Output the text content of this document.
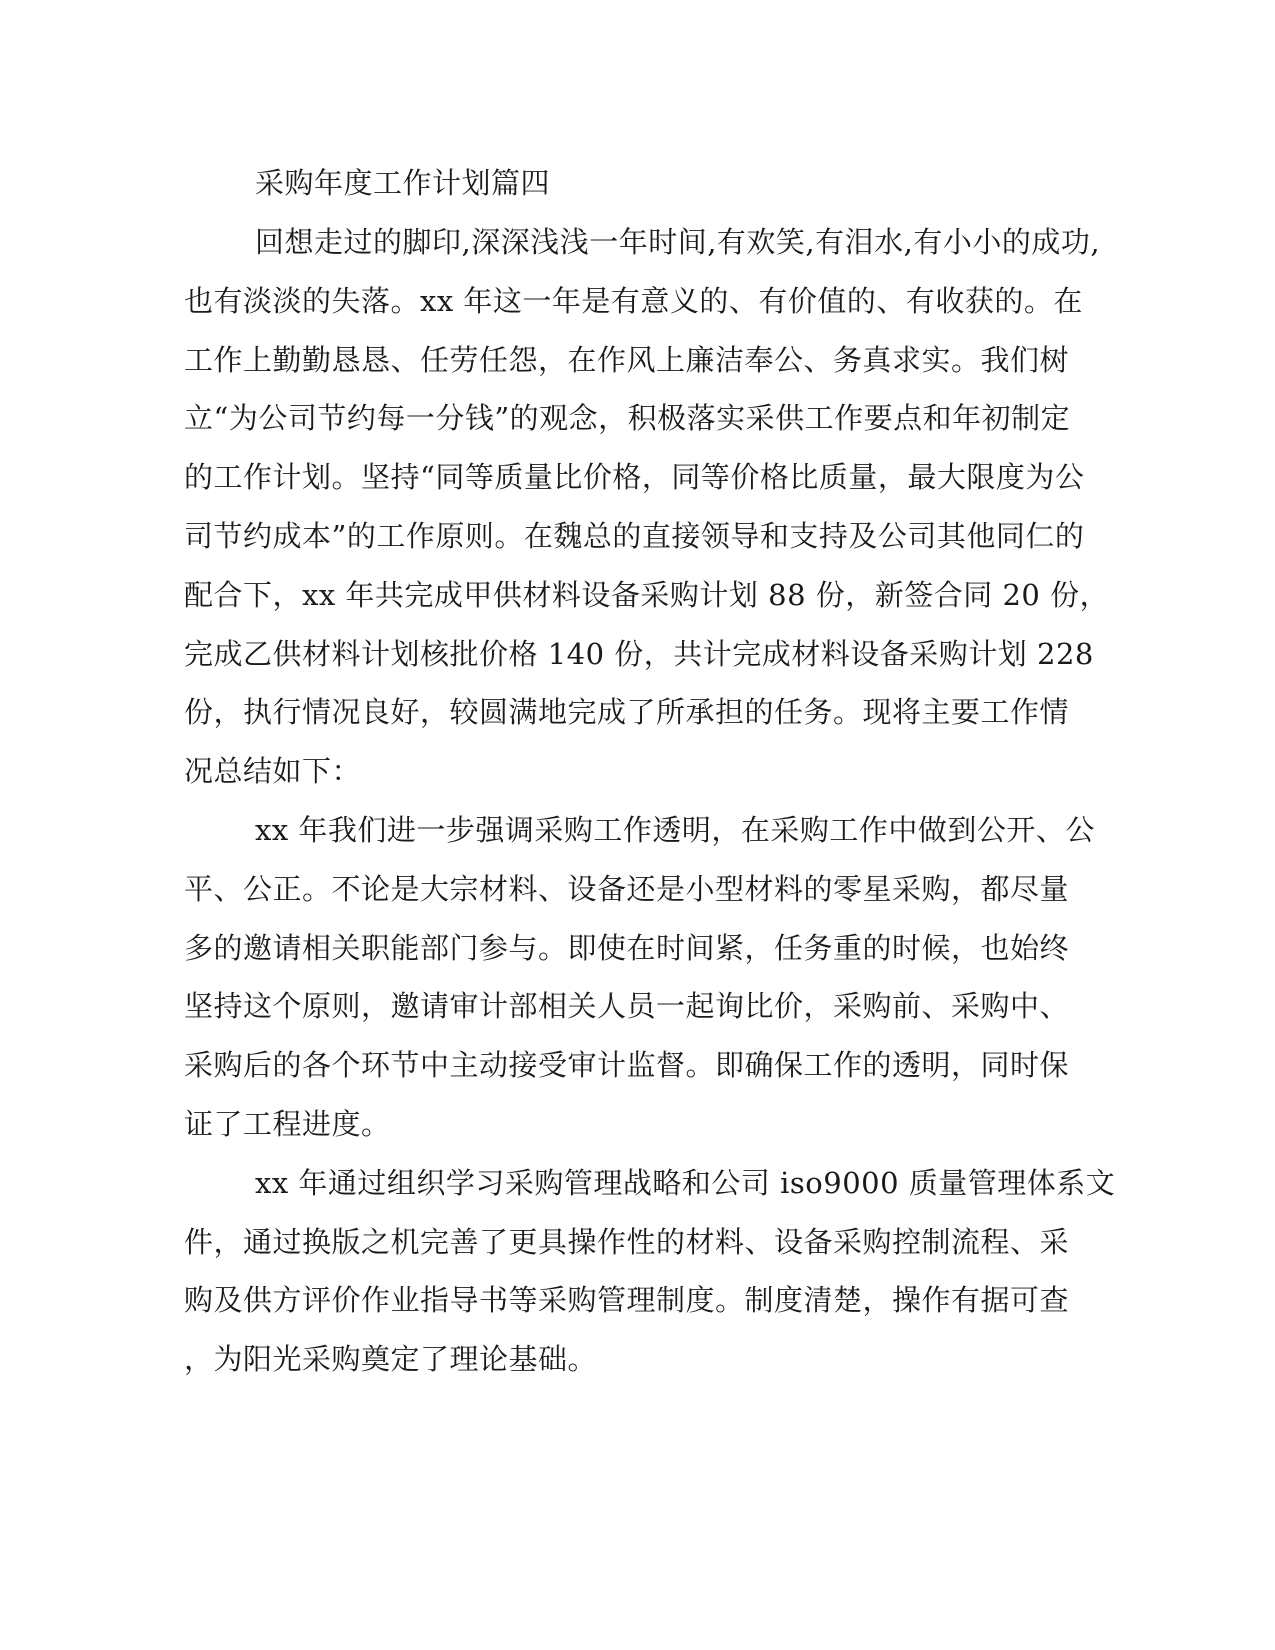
采购年度工作计划篇四

回想走过的脚印,深深浅浅一年时间,有欢笑,有泪水,有小小的成功,

也有淡淡的失落。xx 年这一年是有意义的、有价值的、有收获的。在

工作上勤勤恳恳、任劳任怨，在作风上廉洁奉公、务真求实。我们树

立“为公司节约每一分钱”的观念，积极落实采供工作要点和年初制定

的工作计划。坚持“同等质量比价格，同等价格比质量，最大限度为公

司节约成本”的工作原则。在魏总的直接领导和支持及公司其他同仁的

配合下，xx 年共完成甲供材料设备采购计划 88 份，新签合同 20 份，

完成乙供材料计划核批价格 140 份，共计完成材料设备采购计划 228

份，执行情况良好，较圆满地完成了所承担的任务。现将主要工作情

况总结如下：

xx 年我们进一步强调采购工作透明，在采购工作中做到公开、公

平、公正。不论是大宗材料、设备还是小型材料的零星采购，都尽量

多的邀请相关职能部门参与。即使在时间紧，任务重的时候，也始终

坚持这个原则，邀请审计部相关人员一起询比价，采购前、采购中、

采购后的各个环节中主动接受审计监督。即确保工作的透明，同时保

证了工程进度。

xx 年通过组织学习采购管理战略和公司 iso9000 质量管理体系文

件，通过换版之机完善了更具操作性的材料、设备采购控制流程、采

购及供方评价作业指导书等采购管理制度。制度清楚，操作有据可查

，为阳光采购奠定了理论基础。
